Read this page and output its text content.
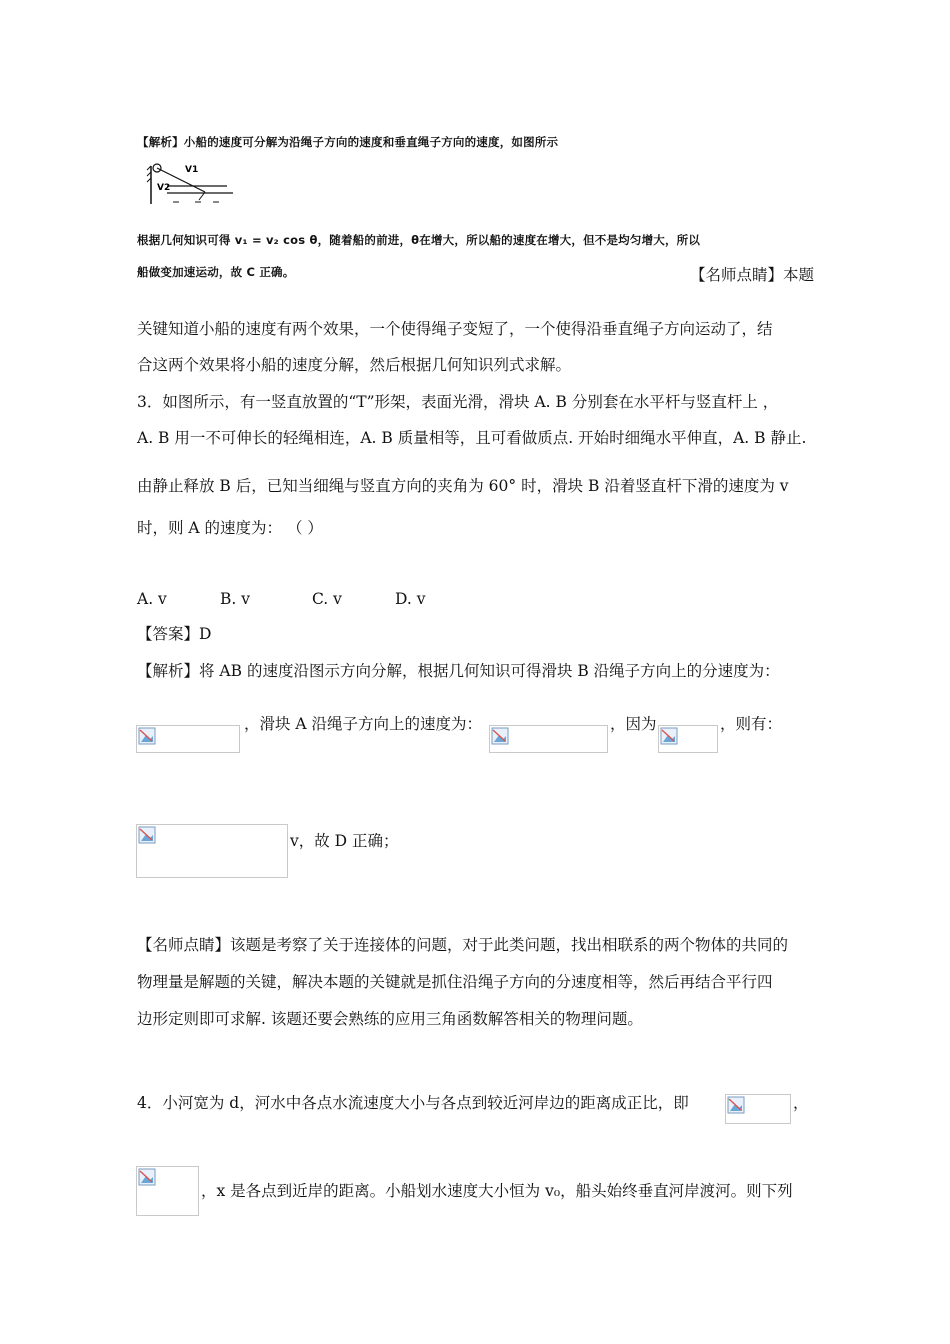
【解析】小船的速度可分解为沿绳子方向的速度和垂直绳子方向的速度，如图所示
V1
V2
根据几何知识可得 v₁ = v₂ cos θ，随着船的前进，θ在增大，所以船的速度在增大，但不是均匀增大，所以
船做变加速运动，故 C 正确。	【名师点睛】本题
关键知道小船的速度有两个效果，一个使得绳子变短了，一个使得沿垂直绳子方向运动了，结
合这两个效果将小船的速度分解，然后根据几何知识列式求解。
3．如图所示，有一竖直放置的“T”形架，表面光滑，滑块 A. B 分别套在水平杆与竖直杆上 ，
A. B 用一不可伸长的轻绳相连，A. B 质量相等，且可看做质点. 开始时细绳水平伸直，A. B 静止.
由静止释放 B 后，已知当细绳与竖直方向的夹角为 60° 时，滑块 B 沿着竖直杆下滑的速度为 v
时，则 A 的速度为： （ ）
A. v	B. v	C. v	D. v
【答案】D
【解析】将 AB 的速度沿图示方向分解，根据几何知识可得滑块 B 沿绳子方向上的分速度为：
，滑块 A 沿绳子方向上的速度为：	，因为	，则有：
v，故 D 正确；
【名师点睛】该题是考察了关于连接体的问题，对于此类问题，找出相联系的两个物体的共同的
物理量是解题的关键，解决本题的关键就是抓住沿绳子方向的分速度相等，然后再结合平行四
边形定则即可求解. 该题还要会熟练的应用三角函数解答相关的物理问题。
4．小河宽为 d，河水中各点水流速度大小与各点到较近河岸边的距离成正比，即	，
，x 是各点到近岸的距离。小船划水速度大小恒为 v₀，船头始终垂直河岸渡河。则下列
